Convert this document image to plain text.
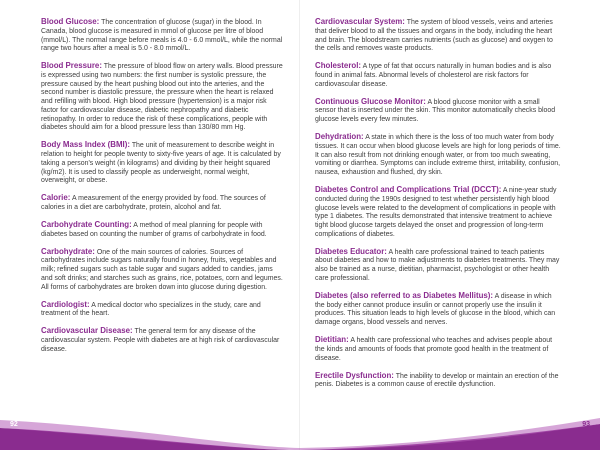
Blood Glucose: The concentration of glucose (sugar) in the blood. In Canada, blood glucose is measured in mmol of glucose per litre of blood (mmol/L). The normal range before meals is 4.0 - 6.0 mmol/L, while the normal range two hours after a meal is 5.0 - 8.0 mmol/L.

Blood Pressure: The pressure of blood flow on artery walls. Blood pressure is expressed using two numbers: the first number is systolic pressure, the pressure caused by the heart pushing blood out into the arteries, and the second number is diastolic pressure, the pressure when the heart is relaxed and refilling with blood. High blood pressure (hypertension) is a major risk factor for cardiovascular disease, diabetic nephropathy and diabetic retinopathy. In order to reduce the risk of these complications, people with diabetes should aim for a blood pressure less than 130/80 mm Hg.

Body Mass Index (BMI): The unit of measurement to describe weight in relation to height for people twenty to sixty-five years of age. It is calculated by taking a person's weight (in kilograms) and dividing by their height squared (kg/m2). It is used to classify people as underweight, normal weight, overweight, or obese.

Calorie: A measurement of the energy provided by food. The sources of calories in a diet are carbohydrate, protein, alcohol and fat.

Carbohydrate Counting: A method of meal planning for people with diabetes based on counting the number of grams of carbohydrate in food.

Carbohydrate: One of the main sources of calories. Sources of carbohydrates include sugars naturally found in honey, fruits, vegetables and milk; refined sugars such as table sugar and sugars added to candies, jams and soft drinks; and starches such as grains, rice, potatoes, corn and legumes. All forms of carbohydrates are broken down into glucose during digestion.

Cardiologist: A medical doctor who specializes in the study, care and treatment of the heart.

Cardiovascular Disease: The general term for any disease of the cardiovascular system. People with diabetes are at high risk of cardiovascular disease.

Cardiovascular System: The system of blood vessels, veins and arteries that deliver blood to all the tissues and organs in the body, including the heart and brain. The bloodstream carries nutrients (such as glucose) and oxygen to the cells and removes waste products.

Cholesterol: A type of fat that occurs naturally in human bodies and is also found in animal fats. Abnormal levels of cholesterol are risk factors for cardiovascular disease.

Continuous Glucose Monitor: A blood glucose monitor with a small sensor that is inserted under the skin. This monitor automatically checks blood glucose levels every few minutes.

Dehydration: A state in which there is the loss of too much water from body tissues. It can occur when blood glucose levels are high for long periods of time. It can also result from not drinking enough water, or from too much sweating, vomiting or diarrhea. Symptoms can include extreme thirst, irritability, confusion, nausea, exhaustion and flushed, dry skin.

Diabetes Control and Complications Trial (DCCT): A nine-year study conducted during the 1990s designed to test whether persistently high blood glucose levels were related to the development of complications in people with type 1 diabetes. The results demonstrated that intensive treatment to achieve tight blood glucose targets delayed the onset and progression of long-term complications of diabetes.

Diabetes Educator: A health care professional trained to teach patients about diabetes and how to make adjustments to diabetes treatments. They may also be trained as a nurse, dietitian, pharmacist, psychologist or other health care professional.

Diabetes (also referred to as Diabetes Mellitus): A disease in which the body either cannot produce insulin or cannot properly use the insulin it produces. This situation leads to high levels of glucose in the blood, which can damage organs, blood vessels and nerves.

Dietitian: A health care professional who teaches and advises people about the kinds and amounts of foods that promote good health in the treatment of disease.

Erectile Dysfunction: The inability to develop or maintain an erection of the penis. Diabetes is a common cause of erectile dysfunction.

92	93
